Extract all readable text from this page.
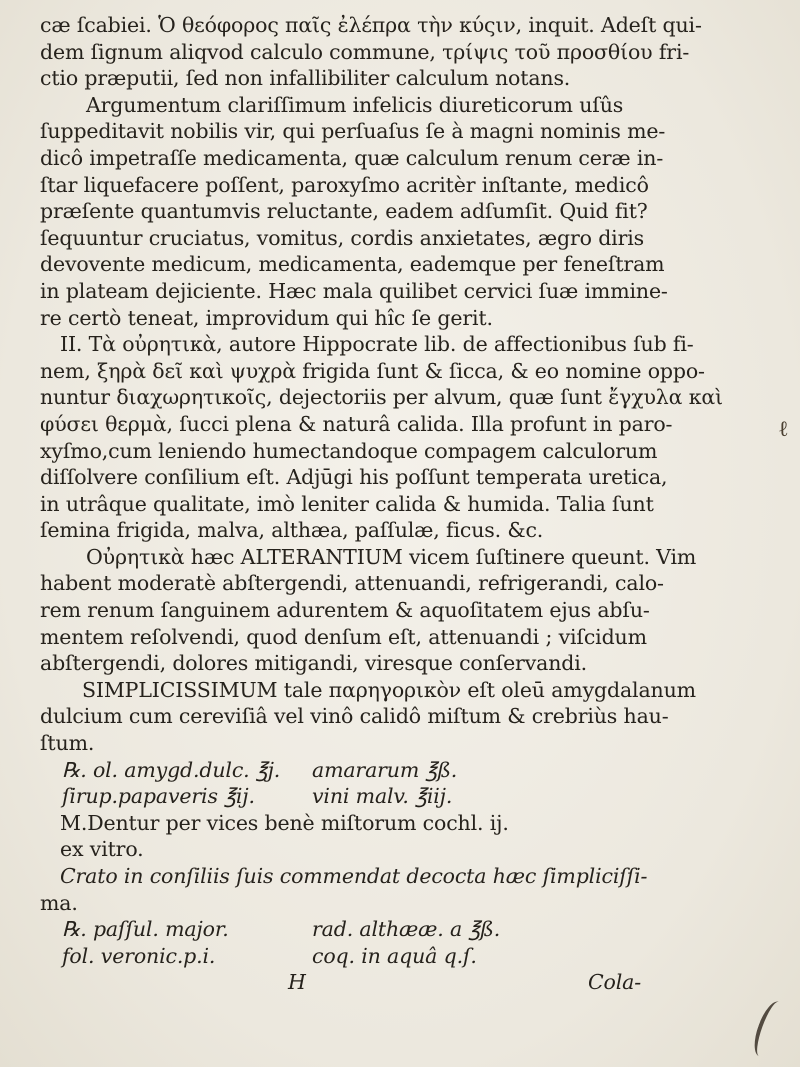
cæ ſcabiei. Ὁ θεόφορος παῖς ἐλέπρα τὴν κύςιν, inquit. Adeſt qui-
dem ſignum aliqvod calculo commune, τρίψις τοῦ προσθίου fri-
ctio præputii, ſed non infallibiliter calculum notans.
Argumentum clariſſimum infelicis diureticorum uſûs
ſuppeditavit nobilis vir, qui perſuaſus ſe à magni nominis me-
dicô impetraſſe medicamenta, quæ calculum renum ceræ in-
ſtar liquefacere poſſent, paroxyſmo acritèr inſtante, medicô
præſente quantumvis reluctante, eadem adſumſit. Quid fit?
ſequuntur cruciatus, vomitus, cordis anxietates, ægro diris
devovente medicum, medicamenta, eademque per feneſtram
in plateam dejiciente. Hæc mala quilibet cervici ſuæ immine-
re certò teneat, improvidum qui hîc ſe gerit.
II. Τὰ οὐρητικὰ, autore Hippocrate lib. de affectionibus ſub fi-
nem, ξηρὰ δεῖ καὶ ψυχρὰ frigida ſunt & ſicca, & eo nomine oppo-
nuntur διαχωρητικοῖς, dejectoriis per alvum, quæ ſunt ἔγχυλα καὶ
φύσει θερμὰ, ſucci plena & naturâ calida. Illa profunt in paro-
xyſmo,cum leniendo humectandoque compagem calculorum
diſſolvere conſilium eſt. Adjūgi his poſſunt temperata uretica,
in utrâque qualitate, imò leniter calida & humida. Talia ſunt
ſemina frigida, malva, althæa, paſſulæ, ficus. &c.
Οὐρητικὰ hæc ALTERANTIUM vicem ſuſtinere queunt. Vim
habent moderatè abſtergendi, attenuandi, refrigerandi, calo-
rem renum ſanguinem adurentem & aquoſitatem ejus abſu-
mentem reſolvendi, quod denſum eſt, attenuandi ; viſcidum
abſtergendi, dolores mitigandi, viresque conſervandi.
SIMPLICISSIMUM tale παρηγορικὸν eſt oleū amygdalanum
dulcium cum cereviſiâ vel vinô calidô miſtum & crebriùs hau-
ſtum.
℞. ol. amygd.dulc. ℥j.	amararum ℥ß.
ſirup.papaveris ℥ij.	vini malv. ℥iij.
M.Dentur per vices benè miſtorum cochl. ij.
ex vitro.
Crato in conſiliis ſuis commendat decocta hæc ſimpliciſſi-
ma.
℞. paſſul. major.	rad. althææ. a ℥ß.
fol. veronic.p.i.	coq. in aquâ q.ſ.
H	Cola-
ℓ
